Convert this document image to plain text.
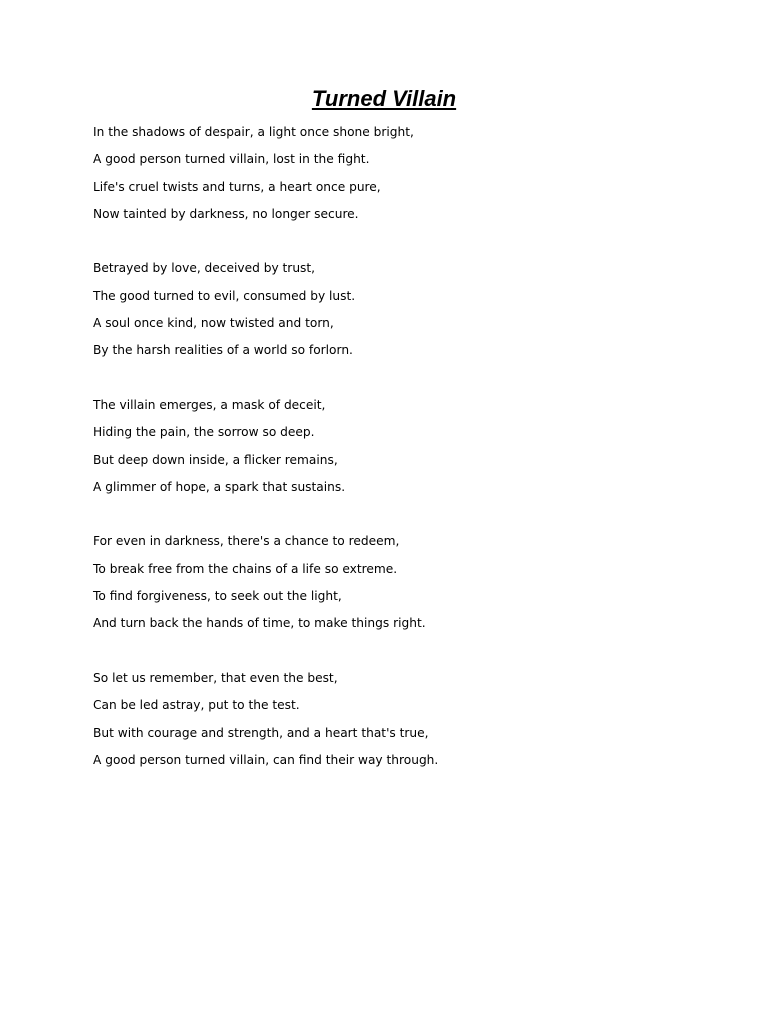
Turned Villain
In the shadows of despair, a light once shone bright,
A good person turned villain, lost in the fight.
Life's cruel twists and turns, a heart once pure,
Now tainted by darkness, no longer secure.
Betrayed by love, deceived by trust,
The good turned to evil, consumed by lust.
A soul once kind, now twisted and torn,
By the harsh realities of a world so forlorn.
The villain emerges, a mask of deceit,
Hiding the pain, the sorrow so deep.
But deep down inside, a flicker remains,
A glimmer of hope, a spark that sustains.
For even in darkness, there's a chance to redeem,
To break free from the chains of a life so extreme.
To find forgiveness, to seek out the light,
And turn back the hands of time, to make things right.
So let us remember, that even the best,
Can be led astray, put to the test.
But with courage and strength, and a heart that's true,
A good person turned villain, can find their way through.
